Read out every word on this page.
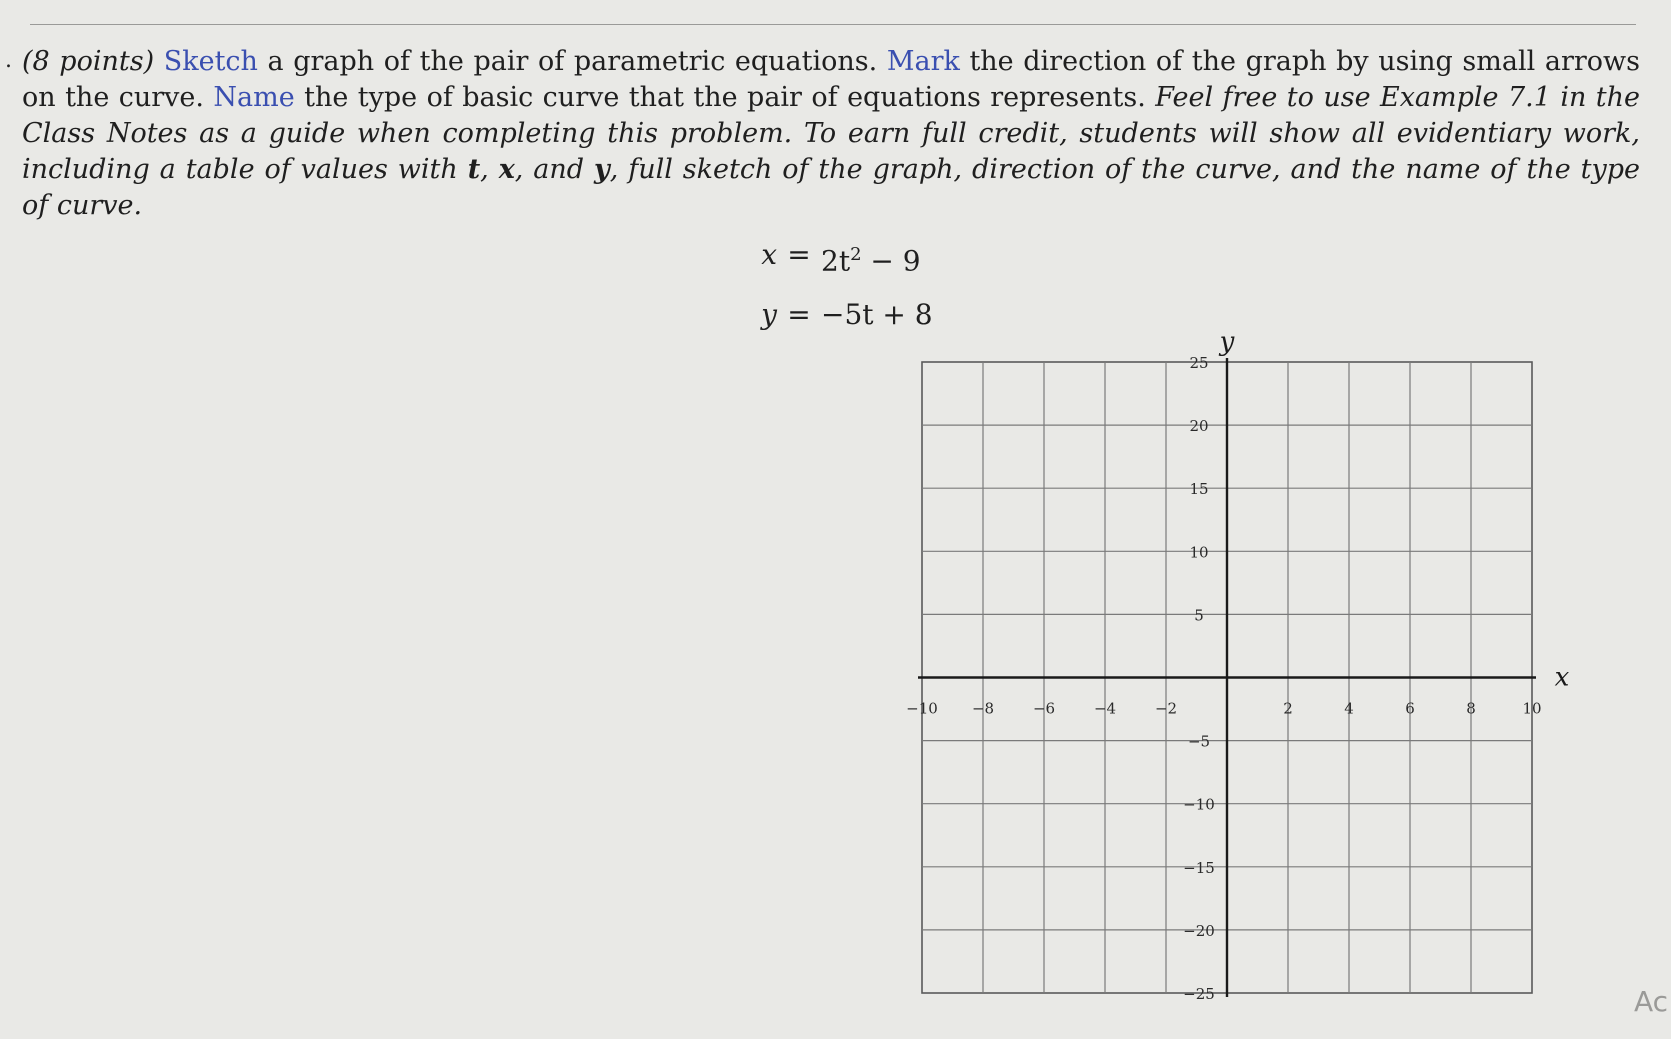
. (8 points) Sketch a graph of the pair of parametric equations. Mark the direction of the graph by using small arrows on the curve. Name the type of basic curve that the pair of equations represents. Feel free to use Example 7.1 in the Class Notes as a guide when completing this problem. To earn full credit, students will show all evidentiary work, including a table of values with t, x, and y, full sketch of the graph, direction of the curve, and the name of the type of curve.
$x = 2t^2 - 9$
y = −5t + 8
−10 −8	−6	−4	−2	2	4	6	8	10
25
20
15
10
5
−5
−10
−15
−20
−25
x
y
Ac
